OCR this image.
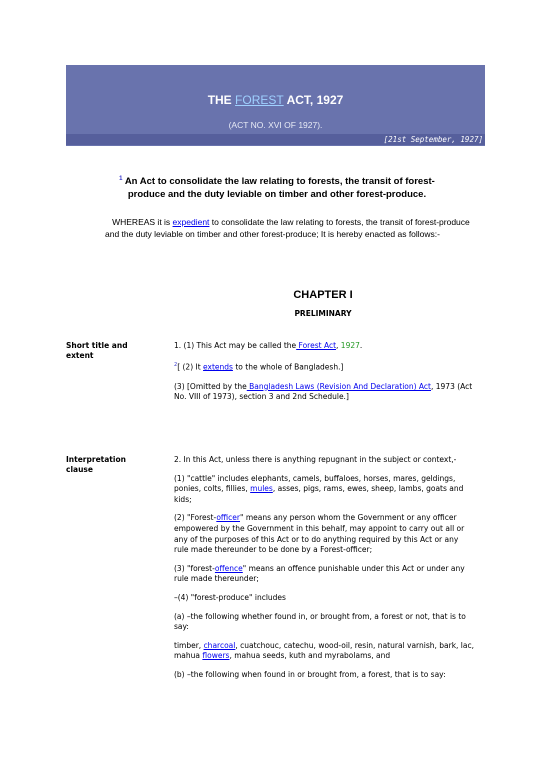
THE FOREST ACT, 1927
(ACT NO. XVI OF 1927).
[21st September, 1927]
$^1$ An Act to consolidate the law relating to forests, the transit of forest-produce and the duty leviable on timber and other forest-produce.
WHEREAS it is expedient to consolidate the law relating to forests, the transit of forest-produce and the duty leviable on timber and other forest-produce; It is hereby enacted as follows:-
CHAPTER I
PRELIMINARY
Short title and extent

1. (1) This Act may be called the Forest Act, 1927.

$^2$[ (2) It extends to the whole of Bangladesh.]

(3) [Omitted by the Bangladesh Laws (Revision And Declaration) Act, 1973 (Act No. VIII of 1973), section 3 and 2nd Schedule.]

Interpretation clause

2. In this Act, unless there is anything repugnant in the subject or context,-

(1) "cattle" includes elephants, camels, buffaloes, horses, mares, geldings, ponies, colts, fillies, mules, asses, pigs, rams, ewes, sheep, lambs, goats and kids;

(2) "Forest-officer" means any person whom the Government or any officer empowered by the Government in this behalf, may appoint to carry out all or any of the purposes of this Act or to do anything required by this Act or any rule made thereunder to be done by a Forest-officer;

(3) "forest-offence" means an offence punishable under this Act or under any rule made thereunder;

–(4) "forest-produce" includes

(a) –the following whether found in, or brought from, a forest or not, that is to say:

timber, charcoal, cuatchouc, catechu, wood-oil, resin, natural varnish, bark, lac, mahua flowers, mahua seeds, kuth and myrabolams, and

(b) –the following when found in or brought from, a forest, that is to say:
